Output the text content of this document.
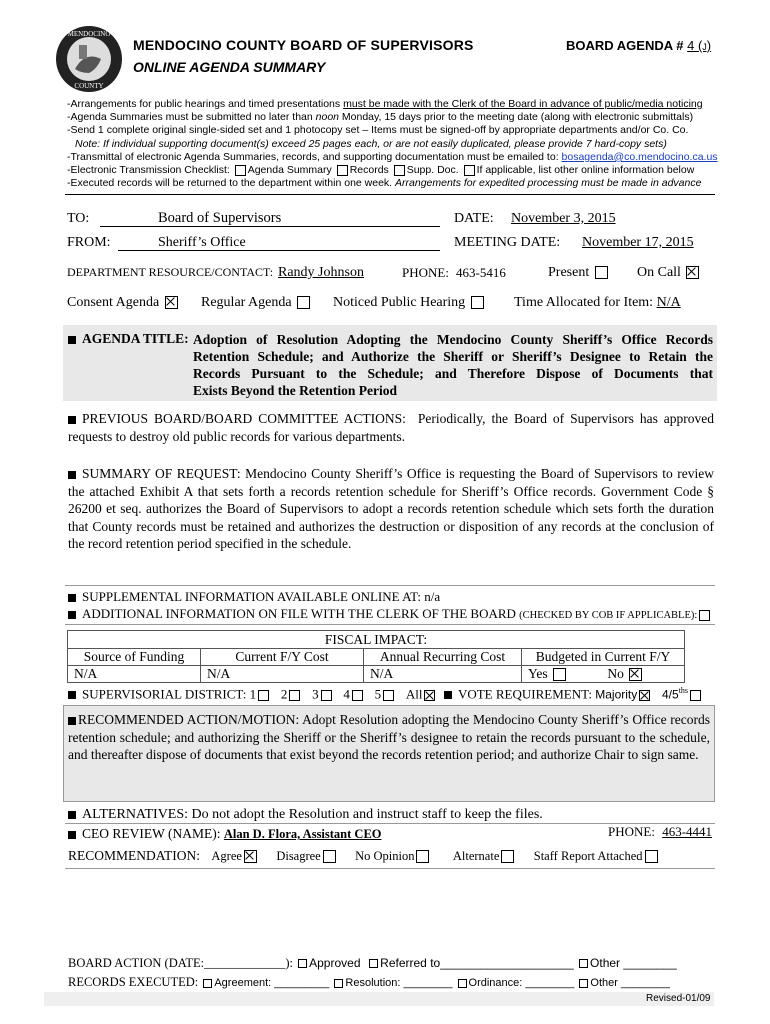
MENDOCINO
COUNTY
MENDOCINO COUNTY BOARD OF SUPERVISORS
ONLINE AGENDA SUMMARY
BOARD AGENDA # 4 (j)
-Arrangements for public hearings and timed presentations must be made with the Clerk of the Board in advance of public/media noticing
-Agenda Summaries must be submitted no later than noon Monday, 15 days prior to the meeting date (along with electronic submittals)
-Send 1 complete original single-sided set and 1 photocopy set – Items must be signed-off by appropriate departments and/or Co. Co.
Note: If individual supporting document(s) exceed 25 pages each, or are not easily duplicated, please provide 7 hard-copy sets)
-Transmittal of electronic Agenda Summaries, records, and supporting documentation must be emailed to: bosagenda@co.mendocino.ca.us
-Electronic Transmission Checklist: Agenda Summary Records Supp. Doc. If applicable, list other online information below
-Executed records will be returned to the department within one week. Arrangements for expedited processing must be made in advance
TO:	Board of Supervisors	DATE: November 3, 2015
FROM:	Sheriff’s Office	MEETING DATE: November 17, 2015
DEPARTMENT RESOURCE/CONTACT: Randy Johnson	PHONE: 463-5416	Present	On Call
Consent Agenda	Regular Agenda	Noticed Public Hearing	Time Allocated for Item: N/A
AGENDA TITLE: Adoption of Resolution Adopting the Mendocino County Sheriff’s Office Records
Retention Schedule; and Authorize the Sheriff or Sheriff’s Designee to Retain the
Records Pursuant to the Schedule; and Therefore Dispose of Documents that
Exists Beyond the Retention Period
PREVIOUS BOARD/BOARD COMMITTEE ACTIONS: Periodically, the Board of Supervisors has approved requests to destroy old public records for various departments.
SUMMARY OF REQUEST: Mendocino County Sheriff’s Office is requesting the Board of Supervisors to review the attached Exhibit A that sets forth a records retention schedule for Sheriff’s Office records. Government Code § 26200 et seq. authorizes the Board of Supervisors to adopt a records retention schedule which sets forth the duration that County records must be retained and authorizes the destruction or disposition of any records at the conclusion of the record retention period specified in the schedule.
SUPPLEMENTAL INFORMATION AVAILABLE ONLINE AT: n/a
ADDITIONAL INFORMATION ON FILE WITH THE CLERK OF THE BOARD (CHECKED BY COB IF APPLICABLE):
FISCAL IMPACT:			
Source of Funding	Current F/Y Cost	Annual Recurring Cost	Budgeted in Current F/Y
N/A	N/A	N/A	Yes No
SUPERVISORIAL DISTRICT: 1 2 3 4 5 All	VOTE REQUIREMENT: Majority $4/5^{ths}$
RECOMMENDED ACTION/MOTION: Adopt Resolution adopting the Mendocino County Sheriff’s Office records retention schedule; and authorizing the Sheriff or the Sheriff’s designee to retain the records pursuant to the schedule, and thereafter dispose of documents that exist beyond the records retention period; and authorize Chair to sign same.
ALTERNATIVES: Do not adopt the Resolution and instruct staff to keep the files.
CEO REVIEW (NAME): Alan D. Flora, Assistant CEO	PHONE: 463-4441
RECOMMENDATION: Agree	Disagree	No Opinion	Alternate	Staff Report Attached
BOARD ACTION (DATE:_____________): Approved Referred to____________________ Other ________
RECORDS EXECUTED: Agreement: _________ Resolution: ________ Ordinance: ________ Other ________
Revised-01/09
